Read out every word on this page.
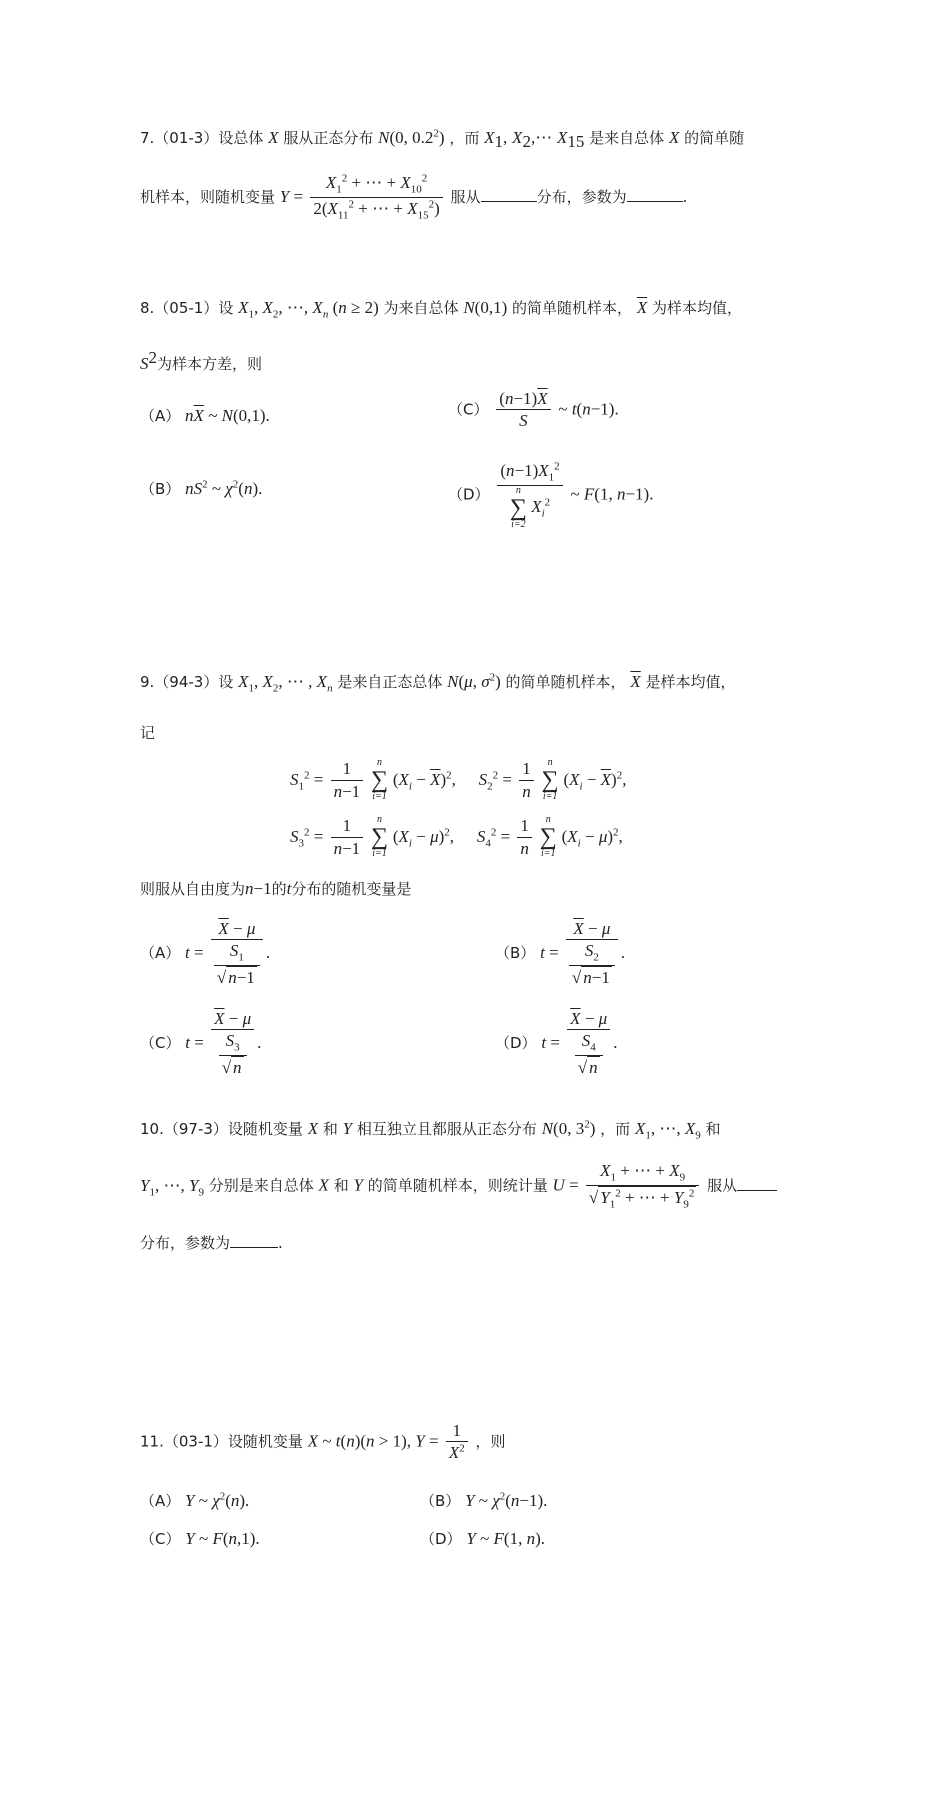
7.（01-3）设总体 X 服从正态分布 N(0, $0.2^2$) ，而 $X_1$, $X_2,\cdots$ $X_{15}$ 是来自总体 X 的简单随
机样本，则随机变量 $Y = \frac{X_1^2 + \cdots + X_{10}^2}{2(X_{11}^2 + \cdots + X_{15}^2)}$ 服从	分布，参数为	.
8.（05-1）设 $X_1$, $X_2$, ⋯, $X_n$ (n ≥ 2) 为来自总体 N(0,1) 的简单随机样本， $\overline{X}$ 为样本均值，
$S^2$为样本方差，则
（A） $n\overline{X}$ ~ N(0,1).	$(C) \frac{(n-1)\overline{X}}{S}$ ~ t(n−1).
（B） $nS^2$ ~ $\chi^2(n)$.	（D） $(n-1)X_1^2$
n
∑
i=2
$X_i^2$ ~ F(1, n−1).
9.（94-3）设 $X_1$, $X_2$, ⋯ , $X_n$ 是来自正态总体 N(μ, $\sigma^2$) 的简单随机样本， $\overline{X}$ 是样本均值，
记
$S_1^2 = \frac{1}{n-1}$
	n
∑
i=1
$(X_i - \overline{X})^2$, $S_2^2 = \frac{1}{n}$
	n
∑
i=1
$(X_i - \overline{X})^2$,
$S_3^2 = \frac{1}{n-1}$
	n
∑
i=1
$(X_i - \mu)^2$, $S_4^2 = \frac{1}{n}$
	n
∑
i=1
$(X_i - \mu)^2$,
则服从自由度为n−1的t分布的随机变量是
（A） $t = \frac{\overline{X} - \mu}{\frac{S_1}{√ n-1}}$ .	（B） $t = \frac{\overline{X} - \mu}{\frac{S_2}{√ n-1}}$ .
（C） $t = \frac{\overline{X} - \mu}{\frac{S_3}{√ n}}$ .	（D） $t = \frac{\overline{X} - \mu}{\frac{S_4}{√ n}}$ .
10.（97-3）设随机变量 X 和 Y 相互独立且都服从正态分布 N(0, $3^2$) ，而 $X_1$, ⋯, $X_9$ 和
$Y_1$, ⋯, $Y_9$ 分别是来自总体 X 和 Y 的简单随机样本，则统计量 $U = \frac{X_1 + \cdots + X_9}{√ Y_1^2 + \cdots + Y_9^2}$ 服从
分布，参数为	.
11.（03-1）设随机变量 X ~ t(n)(n > 1), $Y = \frac{1}{X^2}$ ，则
（A） Y ~ $\chi^2(n)$.	（B） Y ~ $\chi^2(n-1)$.
（C） Y ~ F(n,1).	（D） Y ~ F(1, n).
